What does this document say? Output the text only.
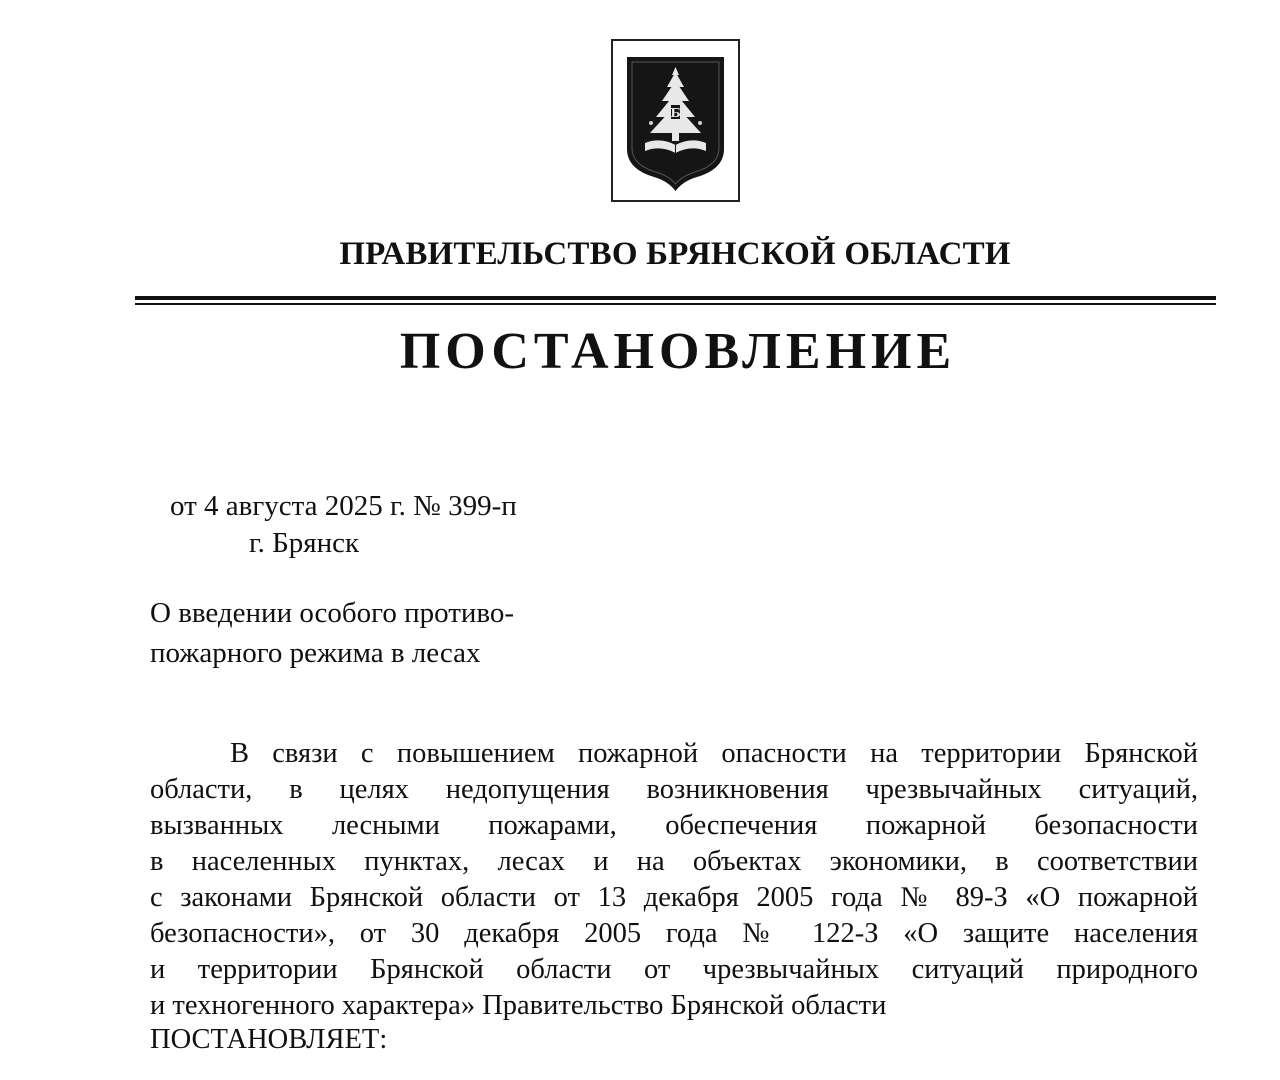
Б
ПРАВИТЕЛЬСТВО БРЯНСКОЙ ОБЛАСТИ
ПОСТАНОВЛЕНИЕ
от 4 августа 2025 г. № 399-п
г. Брянск
О введении особого противо-
пожарного режима в лесах
В связи с повышением пожарной опасности на территории Брянской
области, в целях недопущения возникновения чрезвычайных ситуаций,
вызванных лесными пожарами, обеспечения пожарной безопасности
в населенных пунктах, лесах и на объектах экономики, в соответствии
с законами Брянской области от 13 декабря 2005 года № 89-З «О пожарной
безопасности», от 30 декабря 2005 года № 122-З «О защите населения
и территории Брянской области от чрезвычайных ситуаций природного
и техногенного характера» Правительство Брянской области
ПОСТАНОВЛЯЕТ:
